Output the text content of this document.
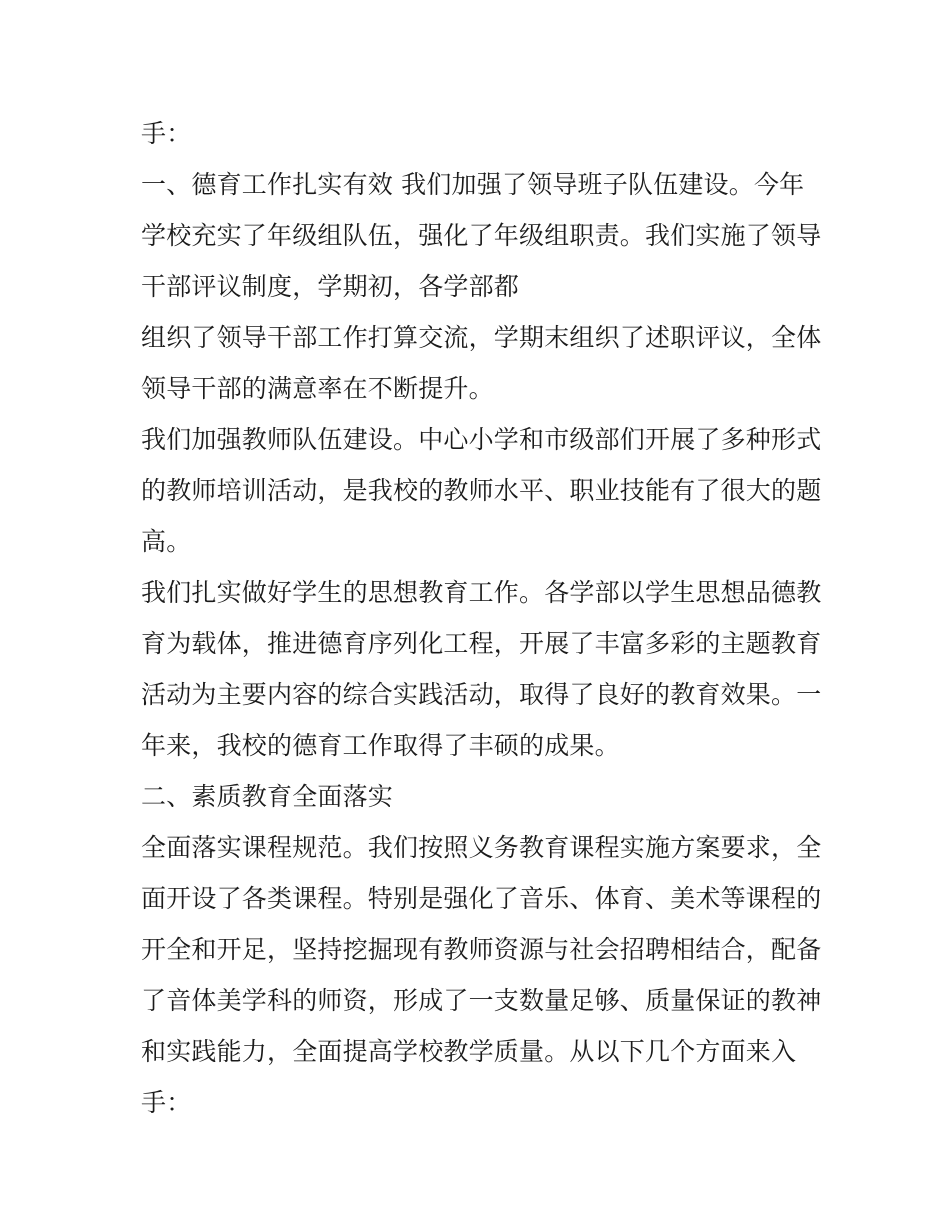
手：
一、德育工作扎实有效 我们加强了领导班子队伍建设。今年
学校充实了年级组队伍，强化了年级组职责。我们实施了领导
干部评议制度，学期初，各学部都
组织了领导干部工作打算交流，学期末组织了述职评议，全体
领导干部的满意率在不断提升。
我们加强教师队伍建设。中心小学和市级部们开展了多种形式
的教师培训活动，是我校的教师水平、职业技能有了很大的题
高。
我们扎实做好学生的思想教育工作。各学部以学生思想品德教
育为载体，推进德育序列化工程，开展了丰富多彩的主题教育
活动为主要内容的综合实践活动，取得了良好的教育效果。一
年来，我校的德育工作取得了丰硕的成果。
二、素质教育全面落实
全面落实课程规范。我们按照义务教育课程实施方案要求，全
面开设了各类课程。特别是强化了音乐、体育、美术等课程的
开全和开足，坚持挖掘现有教师资源与社会招聘相结合，配备
了音体美学科的师资，形成了一支数量足够、质量保证的教神
和实践能力，全面提高学校教学质量。从以下几个方面来入
手：
